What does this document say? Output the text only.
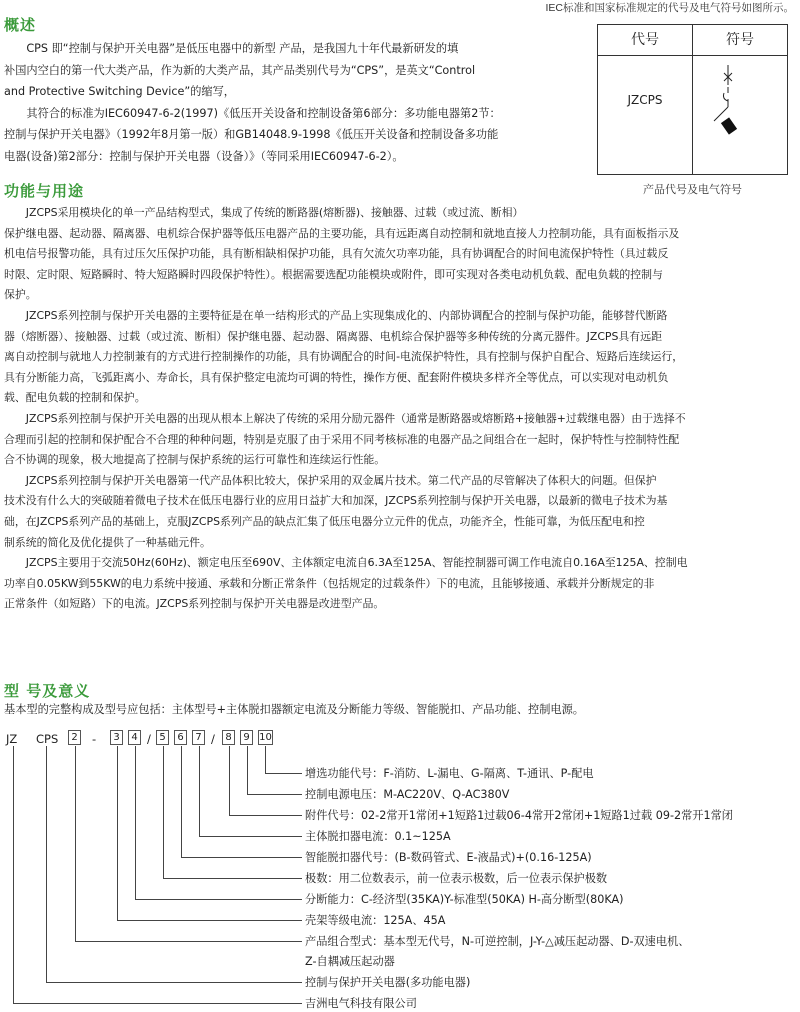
IEC标准和国家标准规定的代号及电气符号如图所示。
代号	符号
JZCPS
产品代号及电气符号
概述
　　CPS 即“控制与保护开关电器”是低压电器中的新型 产品，是我国九十年代最新研发的填
补国内空白的第一代大类产品，作为新的大类产品，其产品类别代号为“CPS”，是英文“Control
and Protective Switching Device”的缩写，
　　其符合的标准为IEC60947-6-2(1997)《低压开关设备和控制设备第6部分：多功能电器第2节：
控制与保护开关电器》（1992年8月第一版）和GB14048.9-1998《低压开关设备和控制设备多功能
电器(设备)第2部分：控制与保护开关电器（设备）》（等同采用IEC60947-6-2）。
功能与用途
　　JZCPS采用模块化的单一产品结构型式，集成了传统的断路器(熔断器)、接触器、过载（或过流、断相）
保护继电器、起动器、隔离器、电机综合保护器等低压电器产品的主要功能，具有远距离自动控制和就地直接人力控制功能，具有面板指示及
机电信号报警功能，具有过压欠压保护功能，具有断相缺相保护功能，具有欠流欠功率功能，具有协调配合的时间电流保护特性（具过载反
时限、定时限、短路瞬时、特大短路瞬时四段保护特性）。根据需要选配功能模块或附件，即可实现对各类电动机负载、配电负载的控制与
保护。
　　JZCPS系列控制与保护开关电器的主要特征是在单一结构形式的产品上实现集成化的、内部协调配合的控制与保护功能，能够替代断路
器（熔断器）、接触器、过载（或过流、断相）保护继电器、起动器、隔离器、电机综合保护器等多种传统的分离元器件。JZCPS具有远距
离自动控制与就地人力控制兼有的方式进行控制操作的功能，具有协调配合的时间-电流保护特性，具有控制与保护自配合、短路后连续运行，
具有分断能力高，飞弧距离小、寿命长，具有保护整定电流均可调的特性，操作方便、配套附件模块多样齐全等优点，可以实现对电动机负
载、配电负载的控制和保护。
　　JZCPS系列控制与保护开关电器的出现从根本上解决了传统的采用分励元器件（通常是断路器或熔断路+接触器+过载继电器）由于选择不
合理而引起的控制和保护配合不合理的种种问题，特别是克服了由于采用不同考核标准的电器产品之间组合在一起时，保护特性与控制特性配
合不协调的现象，极大地提高了控制与保护系统的运行可靠性和连续运行性能。
　　JZCPS系列控制与保护开关电器第一代产品体积比较大，保护采用的双金属片技术。第二代产品的尽管解决了体积大的问题。但保护
技术没有什么大的突破随着微电子技术在低压电器行业的应用日益扩大和加深，JZCPS系列控制与保护开关电器，以最新的微电子技术为基
础，在JZCPS系列产品的基础上，克服JZCPS系列产品的缺点汇集了低压电器分立元件的优点，功能齐全，性能可靠，为低压配电和控
制系统的简化及优化提供了一种基础元件。
　　JZCPS主要用于交流50Hz(60Hz)、额定电压至690V、主体额定电流自6.3A至125A、智能控制器可调工作电流自0.16A至125A、控制电
功率自0.05KW到55KW的电力系统中接通、承载和分断正常条件（包括规定的过载条件）下的电流，且能够接通、承载并分断规定的非
正常条件（如短路）下的电流。JZCPS系列控制与保护开关电器是改进型产品。
型 号及意义
基本型的完整构成及型号应包括：主体型号+主体脱扣器额定电流及分断能力等级、智能脱扣、产品功能、控制电源。
JZ CPS	2 -	3	4 / 5	6	7 /	8	9 10
增选功能代号：F-消防、L-漏电、G-隔离、T-通讯、P-配电
控制电源电压：M-AC220V、Q-AC380V
附件代号：02-2常开1常闭+1短路1过载06-4常开2常闭+1短路1过载 09-2常开1常闭
主体脱扣器电流：0.1~125A
智能脱扣器代号：(B-数码管式、E-液晶式)+(0.16-125A)
极数：用二位数表示，前一位表示极数，后一位表示保护极数
分断能力：C-经济型(35KA)Y-标准型(50KA) H-高分断型(80KA)
壳架等级电流：125A、45A
产品组合型式：基本型无代号，N-可逆控制，J-Y-△减压起动器、D-双速电机、
Z-自耦减压起动器
控制与保护开关电器(多功能电器)
吉洲电气科技有限公司
